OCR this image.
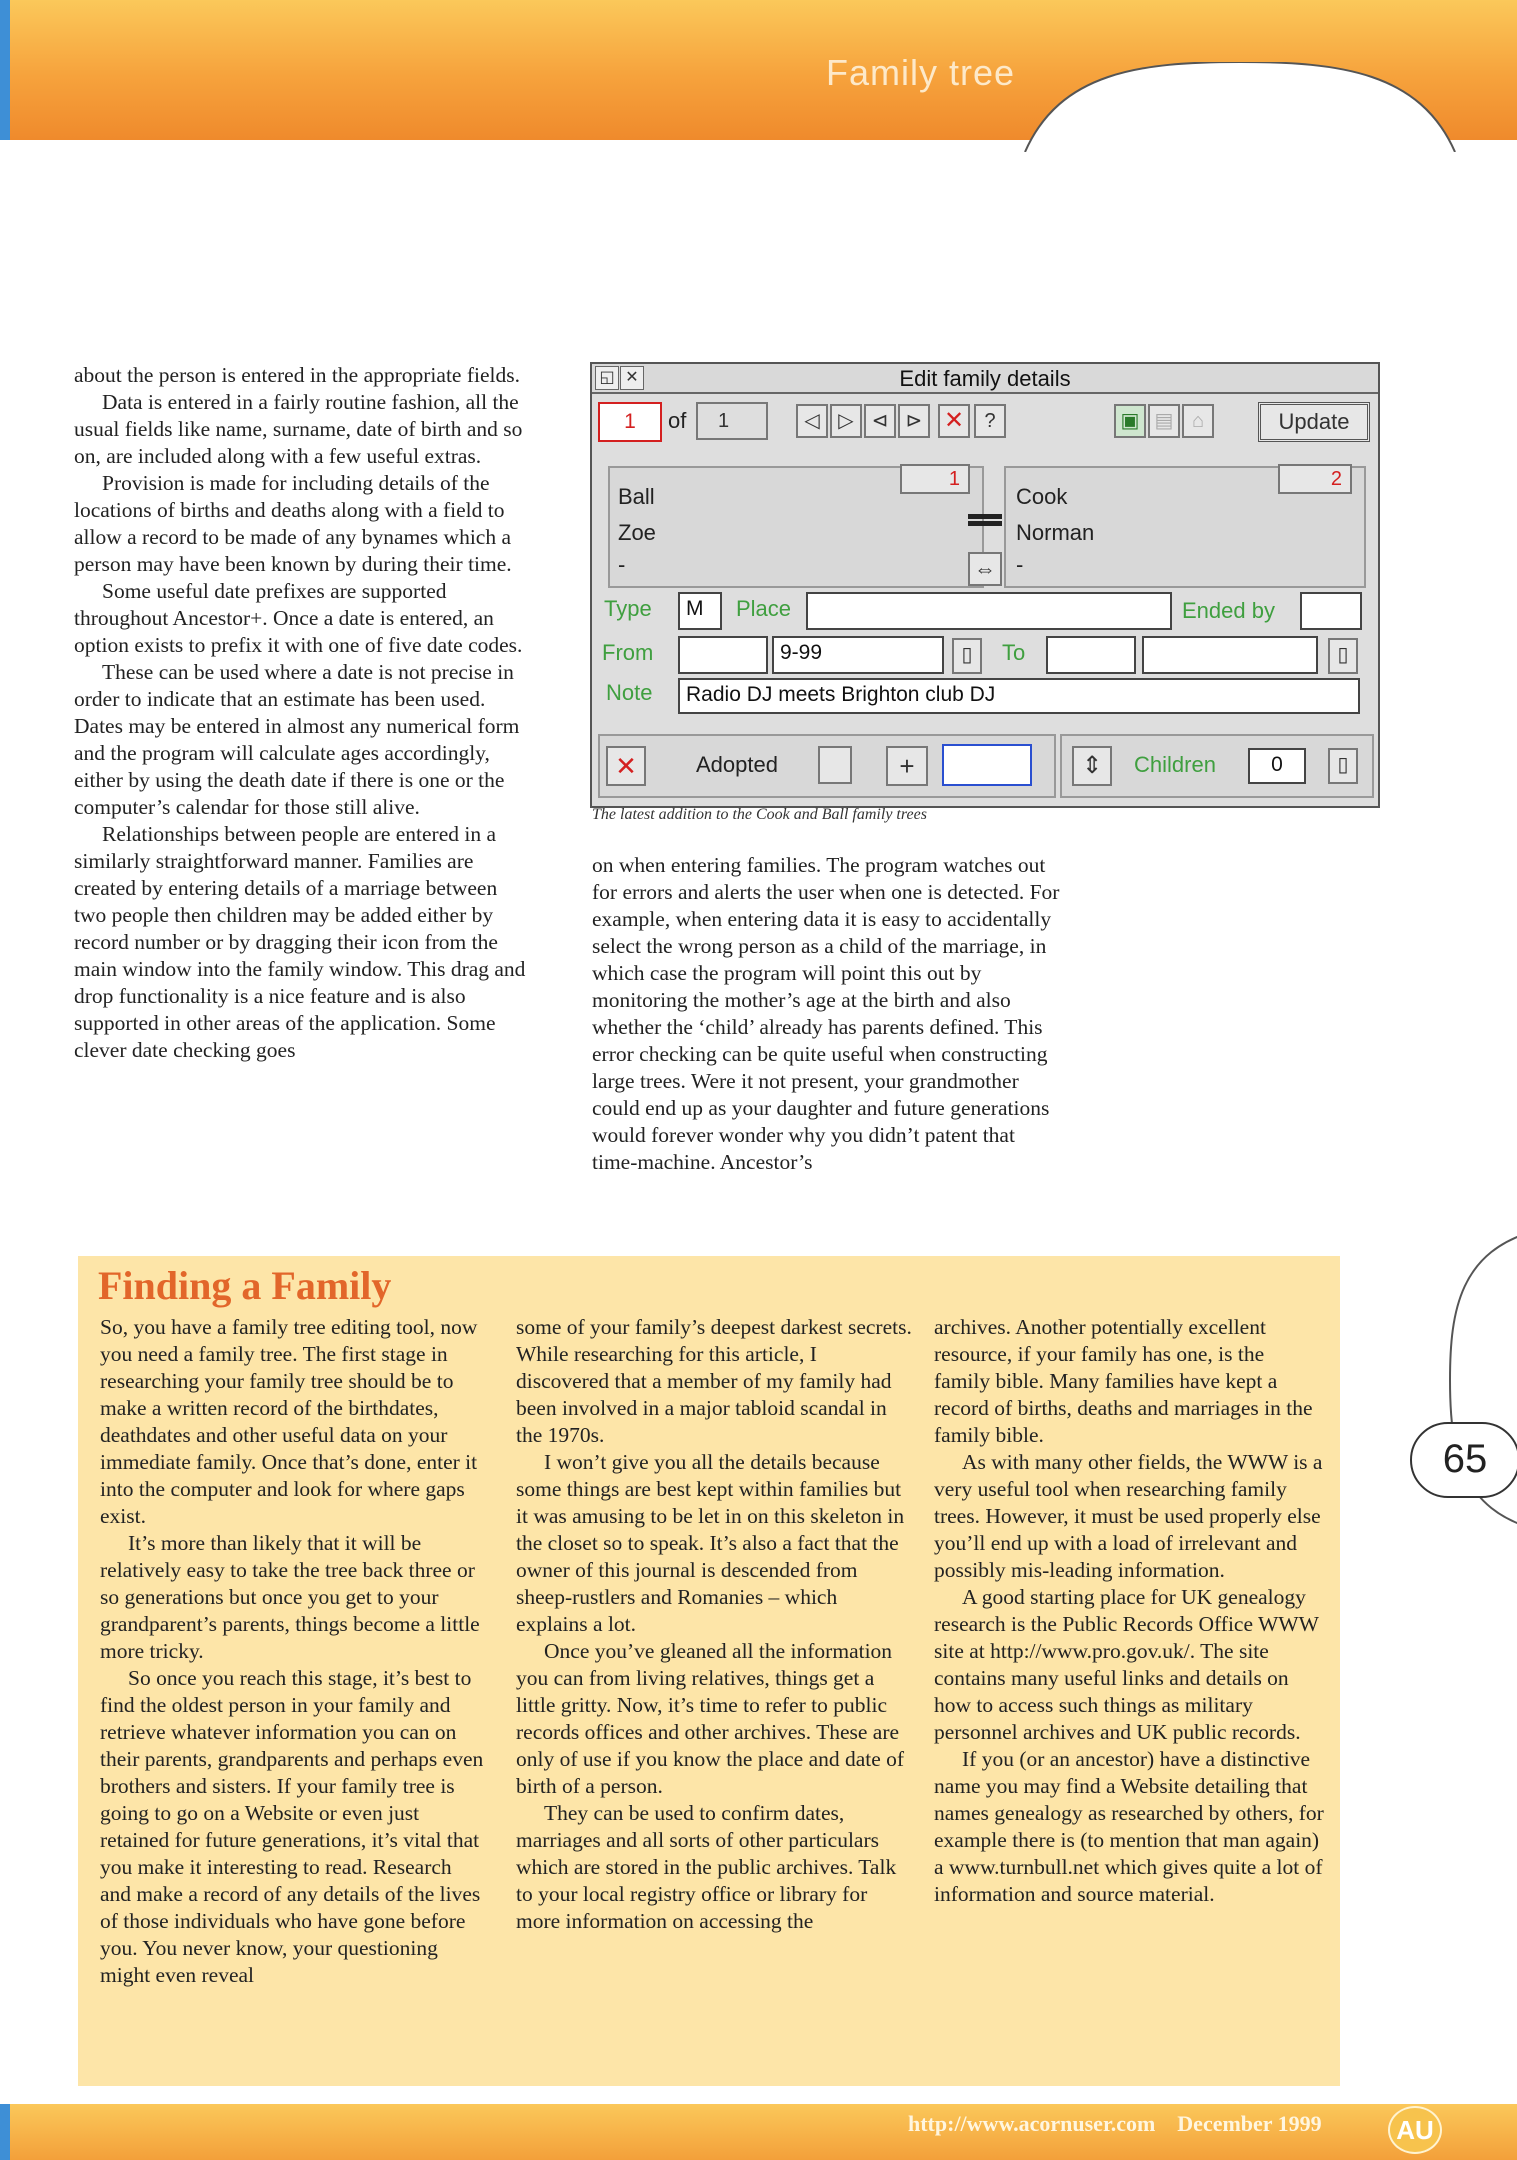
Family tree
65

about the person is entered in the appropriate fields.

Data is entered in a fairly routine fashion, all the usual fields like name, surname, date of birth and so on, are included along with a few useful extras.

Provision is made for including details of the locations of births and deaths along with a field to allow a record to be made of any bynames which a person may have been known by during their time.

Some useful date prefixes are supported throughout Ancestor+. Once a date is entered, an option exists to prefix it with one of five date codes.

These can be used where a date is not precise in order to indicate that an estimate has been used. Dates may be entered in almost any numerical form and the program will calculate ages accordingly, either by using the death date if there is one or the computer’s calendar for those still alive.

Relationships between people are entered in a similarly straightforward manner. Families are created by entering details of a marriage between two people then children may be added either by record number or by dragging their icon from the main window into the family window. This drag and drop functionality is a nice feature and is also supported in other areas of the application. Some clever date checking goes

◱ ✕	Edit family details
1	of	1	◁ ▷ ⊲ ⊳ ✕	?	▣ ▤ ⌂	Update
1
Ball
Zoe
-
2
Cook
Norman
-
⇔
Type	M	Place	Ended by
From	9-99	▯	To	▯
Note	Radio DJ meets Brighton club DJ
✕	Adopted	+	⇕	Children	0	▯
The latest addition to the Cook and Ball family trees

on when entering families. The program watches out for errors and alerts the user when one is detected. For example, when entering data it is easy to accidentally select the wrong person as a child of the marriage, in which case the program will point this out by monitoring the mother’s age at the birth and also whether the ‘child’ already has parents defined. This error checking can be quite useful when constructing large trees. Were it not present, your grandmother could end up as your daughter and future generations would forever wonder why you didn’t patent that time-machine. Ancestor’s

Finding a Family

So, you have a family tree editing tool, now you need a family tree. The first stage in researching your family tree should be to make a written record of the birthdates, deathdates and other useful data on your immediate family. Once that’s done, enter it into the computer and look for where gaps exist.

It’s more than likely that it will be relatively easy to take the tree back three or so generations but once you get to your grandparent’s parents, things become a little more tricky.

So once you reach this stage, it’s best to find the oldest person in your family and retrieve whatever information you can on their parents, grandparents and perhaps even brothers and sisters. If your family tree is going to go on a Website or even just retained for future generations, it’s vital that you make it interesting to read. Research and make a record of any details of the lives of those individuals who have gone before you. You never know, your questioning might even reveal

some of your family’s deepest darkest secrets. While researching for this article, I discovered that a member of my family had been involved in a major tabloid scandal in the 1970s.

I won’t give you all the details because some things are best kept within families but it was amusing to be let in on this skeleton in the closet so to speak. It’s also a fact that the owner of this journal is descended from sheep-rustlers and Romanies – which explains a lot.

Once you’ve gleaned all the information you can from living relatives, things get a little gritty. Now, it’s time to refer to public records offices and other archives. These are only of use if you know the place and date of birth of a person.

They can be used to confirm dates, marriages and all sorts of other particulars which are stored in the public archives. Talk to your local registry office or library for more information on accessing the

archives. Another potentially excellent resource, if your family has one, is the family bible. Many families have kept a record of births, deaths and marriages in the family bible.

As with many other fields, the WWW is a very useful tool when researching family trees. However, it must be used properly else you’ll end up with a load of irrelevant and possibly mis-leading information.

A good starting place for UK genealogy research is the Public Records Office WWW site at http://www.pro.gov.uk/. The site contains many useful links and details on how to access such things as military personnel archives and UK public records.

If you (or an ancestor) have a distinctive name you may find a Website detailing that names genealogy as researched by others, for example there is (to mention that man again) a www.turnbull.net which gives quite a lot of information and source material.

http://www.acornuser.com December 1999	AU
